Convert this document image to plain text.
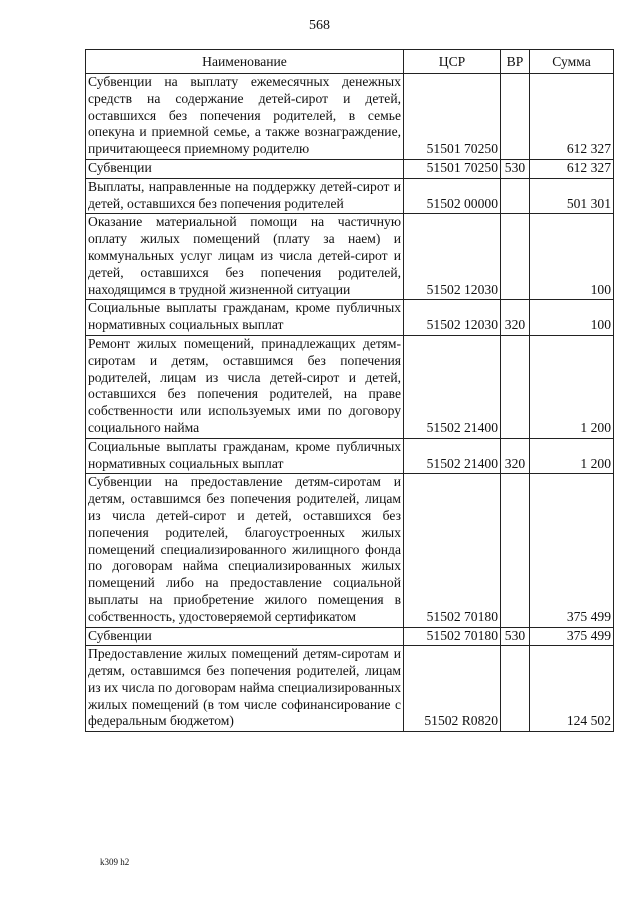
568
Наименование	ЦСР	ВР	Сумма
Субвенции на выплату ежемесячных денежных средств на содержание детей-сирот и детей, оставшихся без попечения родителей, в семье опекуна и приемной семье, а также вознаграждение, причитающееся приемному родителю	51501 70250		612 327
Субвенции	51501 70250	530	612 327
Выплаты, направленные на поддержку детей-сирот и детей, оставшихся без попечения родителей	51502 00000		501 301
Оказание материальной помощи на частичную оплату жилых помещений (плату за наем) и коммунальных услуг лицам из числа детей-сирот и детей, оставшихся без попечения родителей, находящимся в трудной жизненной ситуации	51502 12030		100
Социальные выплаты гражданам, кроме публичных нормативных социальных выплат	51502 12030	320	100
Ремонт жилых помещений, принадлежащих детям-сиротам и детям, оставшимся без попечения родителей, лицам из числа детей-сирот и детей, оставшихся без попечения родителей, на праве собственности или используемых ими по договору социального найма	51502 21400		1 200
Социальные выплаты гражданам, кроме публичных нормативных социальных выплат	51502 21400	320	1 200
Субвенции на предоставление детям-сиротам и детям, оставшимся без попечения родителей, лицам из числа детей-сирот и детей, оставшихся без попечения родителей, благоустроенных жилых помещений специализированного жилищного фонда по договорам найма специализированных жилых помещений либо на предоставление социальной выплаты на приобретение жилого помещения в собственность, удостоверяемой сертификатом	51502 70180		375 499
Субвенции	51502 70180	530	375 499
Предоставление жилых помещений детям-сиротам и детям, оставшимся без попечения родителей, лицам из их числа по договорам найма специализированных жилых помещений (в том числе софинансирование с федеральным бюджетом)	51502 R0820		124 502
k309 h2
